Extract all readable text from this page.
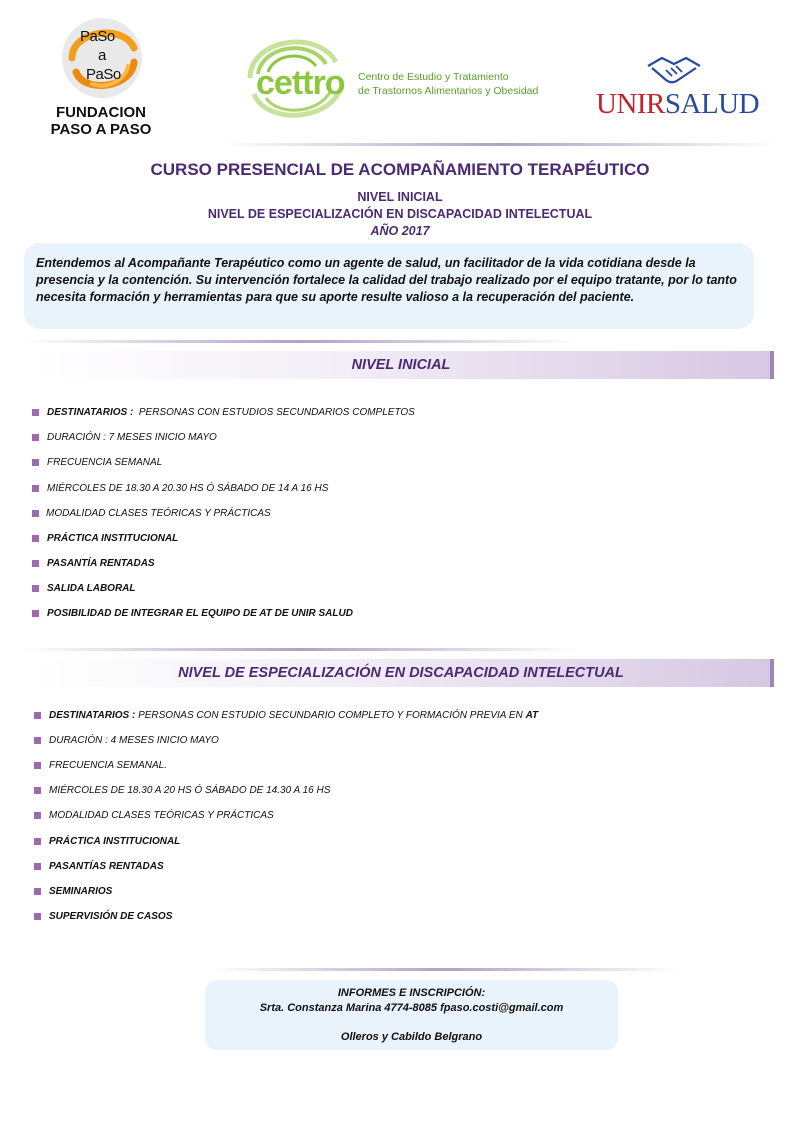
PaSo
a
PaSo
FUNDACION
PASO A PASO
cettro Centro de Estudio y Tratamiento
de Trastornos Alimentarios y Obesidad UNIRSALUD
CURSO PRESENCIAL DE ACOMPAÑAMIENTO TERAPÉUTICO
NIVEL INICIAL
NIVEL DE ESPECIALIZACIÓN EN DISCAPACIDAD INTELECTUAL
AÑO 2017

Entendemos al Acompañante Terapéutico como un agente de salud, un facilitador de la vida cotidiana desde la presencia y la contención. Su intervención fortalece la calidad del trabajo realizado por el equipo tratante, por lo tanto necesita formación y herramientas para que su aporte resulte valioso a la recuperación del paciente.

NIVEL INICIAL
DESTINATARIOS :  PERSONAS CON ESTUDIOS SECUNDARIOS COMPLETOS
DURACIÓN : 7 MESES INICIO MAYO
FRECUENCIA SEMANAL
MIÉRCOLES DE 18.30 A 20.30 HS Ó SÁBADO DE 14 A 16 HS
MODALIDAD CLASES TEÓRICAS Y PRÁCTICAS
PRÁCTICA INSTITUCIONAL
PASANTÍA RENTADAS
SALIDA LABORAL
POSIBILIDAD DE INTEGRAR EL EQUIPO DE AT DE UNIR SALUD
NIVEL DE ESPECIALIZACIÓN EN DISCAPACIDAD INTELECTUAL
DESTINATARIOS : PERSONAS CON ESTUDIO SECUNDARIO COMPLETO Y FORMACIÓN PREVIA EN AT
DURACIÓN : 4 MESES INICIO MAYO
FRECUENCIA SEMANAL.
MIÉRCOLES DE 18.30 A 20 HS Ó SÁBADO DE 14.30 A 16 HS
MODALIDAD CLASES TEÓRICAS Y PRÁCTICAS
PRÁCTICA INSTITUCIONAL
PASANTÍAS RENTADAS
SEMINARIOS
SUPERVISIÓN DE CASOS
INFORMES E INSCRIPCIÓN:
Srta. Constanza Marina 4774-8085 fpaso.costi@gmail.com
Olleros y Cabildo Belgrano
